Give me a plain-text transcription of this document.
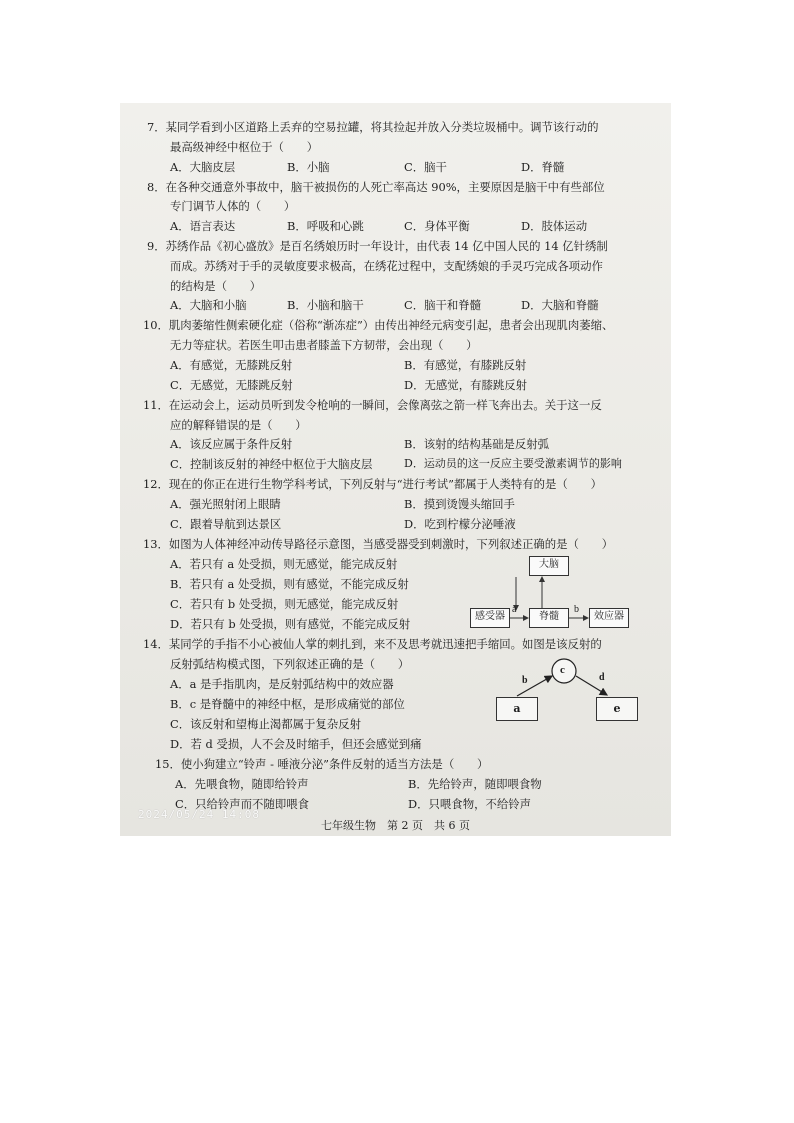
7．某同学看到小区道路上丢弃的空易拉罐，将其捡起并放入分类垃圾桶中。调节该行动的
最高级神经中枢位于（　　）
A．大脑皮层	B．小脑	C．脑干	D．脊髓
8．在各种交通意外事故中，脑干被损伤的人死亡率高达 90%，主要原因是脑干中有些部位
专门调节人体的（　　）
A．语言表达	B．呼吸和心跳	C．身体平衡	D．肢体运动
9．苏绣作品《初心盛放》是百名绣娘历时一年设计，由代表 14 亿中国人民的 14 亿针绣制
而成。苏绣对于手的灵敏度要求极高，在绣花过程中，支配绣娘的手灵巧完成各项动作
的结构是（　　）
A．大脑和小脑	B．小脑和脑干	C．脑干和脊髓	D．大脑和脊髓
10．肌肉萎缩性侧索硬化症（俗称“渐冻症”）由传出神经元病变引起，患者会出现肌肉萎缩、
无力等症状。若医生叩击患者膝盖下方韧带，会出现（　　）
A．有感觉，无膝跳反射	B．有感觉，有膝跳反射
C．无感觉，无膝跳反射	D．无感觉，有膝跳反射
11．在运动会上，运动员听到发令枪响的一瞬间，会像离弦之箭一样飞奔出去。关于这一反
应的解释错误的是（　　）
A．该反应属于条件反射	B．该射的结构基础是反射弧
C．控制该反射的神经中枢位于大脑皮层	D．运动员的这一反应主要受激素调节的影响
12．现在的你正在进行生物学科考试，下列反射与“进行考试”都属于人类特有的是（　　）
A．强光照射闭上眼睛	B．摸到烫馒头缩回手
C．跟着导航到达景区	D．吃到柠檬分泌唾液
13．如图为人体神经冲动传导路径示意图，当感受器受到刺激时，下列叙述正确的是（　　）
A．若只有 a 处受损，则无感觉，能完成反射
B．若只有 a 处受损，则有感觉，不能完成反射
C．若只有 b 处受损，则无感觉，能完成反射
D．若只有 b 处受损，则有感觉，不能完成反射
大脑
感受器	脊髓	效应器
a	b
14．某同学的手指不小心被仙人掌的刺扎到，来不及思考就迅速把手缩回。如图是该反射的
反射弧结构模式图，下列叙述正确的是（　　）
A．a 是手指肌肉，是反射弧结构中的效应器
B．c 是脊髓中的神经中枢，是形成痛觉的部位
C．该反射和望梅止渴都属于复杂反射
D．若 d 受损，人不会及时缩手，但还会感觉到痛
c
a	e
b	d
15．使小狗建立“铃声 - 唾液分泌”条件反射的适当方法是（　　）
A．先喂食物，随即给铃声	B．先给铃声，随即喂食物
C．只给铃声而不随即喂食	D．只喂食物，不给铃声
2024/05/24 14:08
七年级生物　第 2 页　共 6 页
